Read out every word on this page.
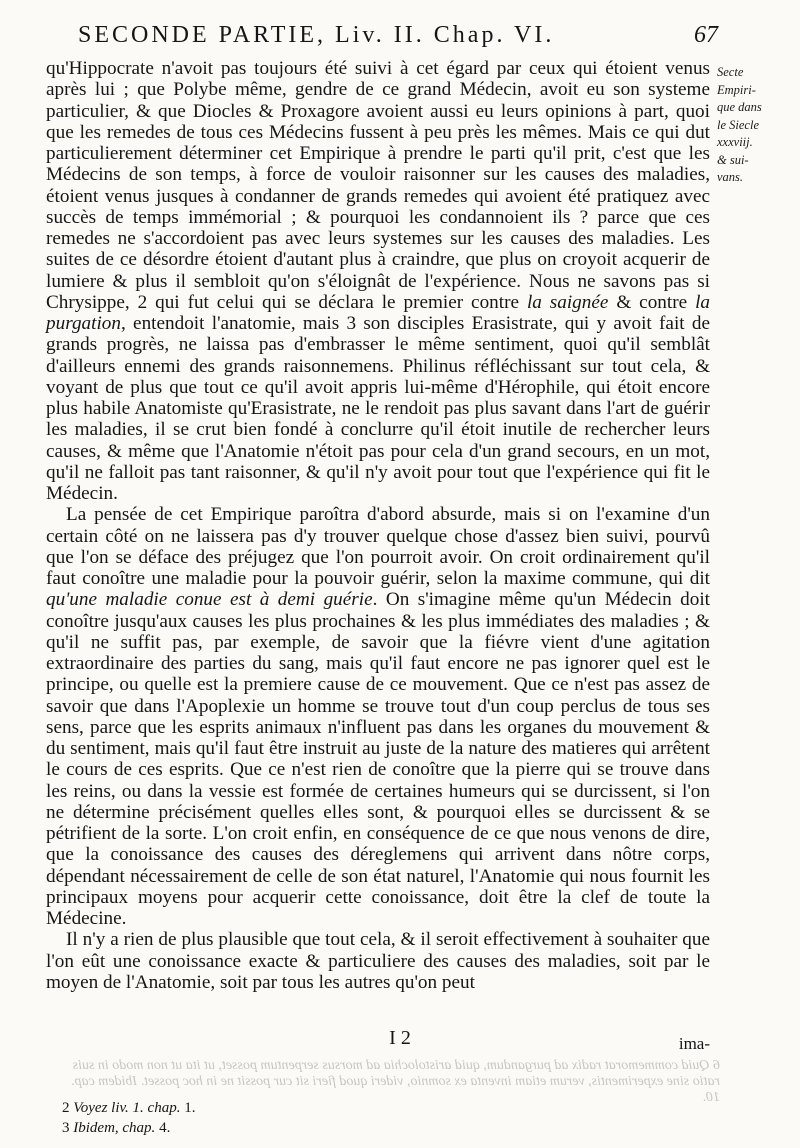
SECONDE PARTIE, Liv. II. Chap. VI.	67

qu'Hippocrate n'avoit pas toujours été suivi à cet égard par ceux qui étoient venus après lui ; que Polybe même, gendre de ce grand Médecin, avoit eu son systeme particulier, & que Diocles & Proxagore avoient aussi eu leurs opinions à part, quoi que les remedes de tous ces Médecins fussent à peu près les mêmes. Mais ce qui dut particulierement déterminer cet Empirique à prendre le parti qu'il prit, c'est que les Médecins de son temps, à force de vouloir raisonner sur les causes des maladies, étoient venus jusques à condanner de grands remedes qui avoient été pratiquez avec succès de temps immémorial ; & pourquoi les condannoient ils ? parce que ces remedes ne s'accordoient pas avec leurs systemes sur les causes des maladies. Les suites de ce désordre étoient d'autant plus à craindre, que plus on croyoit acquerir de lumiere & plus il sembloit qu'on s'éloignât de l'expérience. Nous ne savons pas si Chrysippe, 2 qui fut celui qui se déclara le premier contre la saignée & contre la purgation, entendoit l'anatomie, mais 3 son disciples Erasistrate, qui y avoit fait de grands progrès, ne laissa pas d'embrasser le même sentiment, quoi qu'il semblât d'ailleurs ennemi des grands raisonnemens. Philinus réfléchissant sur tout cela, & voyant de plus que tout ce qu'il avoit appris lui-même d'Hérophile, qui étoit encore plus habile Anatomiste qu'Erasistrate, ne le rendoit pas plus savant dans l'art de guérir les maladies, il se crut bien fondé à conclurre qu'il étoit inutile de rechercher leurs causes, & même que l'Anatomie n'étoit pas pour cela d'un grand secours, en un mot, qu'il ne falloit pas tant raisonner, & qu'il n'y avoit pour tout que l'expérience qui fit le Médecin.

La pensée de cet Empirique paroîtra d'abord absurde, mais si on l'examine d'un certain côté on ne laissera pas d'y trouver quelque chose d'assez bien suivi, pourvû que l'on se déface des préjugez que l'on pourroit avoir. On croit ordinairement qu'il faut conoître une maladie pour la pouvoir guérir, selon la maxime commune, qui dit qu'une maladie conue est à demi guérie. On s'imagine même qu'un Médecin doit conoître jusqu'aux causes les plus prochaines & les plus immédiates des maladies ; & qu'il ne suffit pas, par exemple, de savoir que la fiévre vient d'une agitation extraordinaire des parties du sang, mais qu'il faut encore ne pas ignorer quel est le principe, ou quelle est la premiere cause de ce mouvement. Que ce n'est pas assez de savoir que dans l'Apoplexie un homme se trouve tout d'un coup perclus de tous ses sens, parce que les esprits animaux n'influent pas dans les organes du mouvement & du sentiment, mais qu'il faut être instruit au juste de la nature des matieres qui arrêtent le cours de ces esprits. Que ce n'est rien de conoître que la pierre qui se trouve dans les reins, ou dans la vessie est formée de certaines humeurs qui se durcissent, si l'on ne détermine précisément quelles elles sont, & pourquoi elles se durcissent & se pétrifient de la sorte. L'on croit enfin, en conséquence de ce que nous venons de dire, que la conoissance des causes des déreglemens qui arrivent dans nôtre corps, dépendant nécessairement de celle de son état naturel, l'Anatomie qui nous fournit les principaux moyens pour acquerir cette conoissance, doit être la clef de toute la Médecine.

Il n'y a rien de plus plausible que tout cela, & il seroit effectivement à souhaiter que l'on eût une conoissance exacte & particuliere des causes des maladies, soit par le moyen de l'Anatomie, soit par tous les autres qu'on peut

Secte
Empiri-
que dans
le Siecle
xxxviij.
& sui-
vans.
I 2	ima-
6 Quid commemorat radix ad purgandum, quid aristolochia ad morsus serpentum posset, ut ita ut non modo in suis ratio sine experimentis, verum etiam inventa ex somnio, videri quod fieri sit cur possit ne in hoc posset. Ibidem cap. 10.
2 Voyez liv. 1. chap. 1.
3 Ibidem, chap. 4.
